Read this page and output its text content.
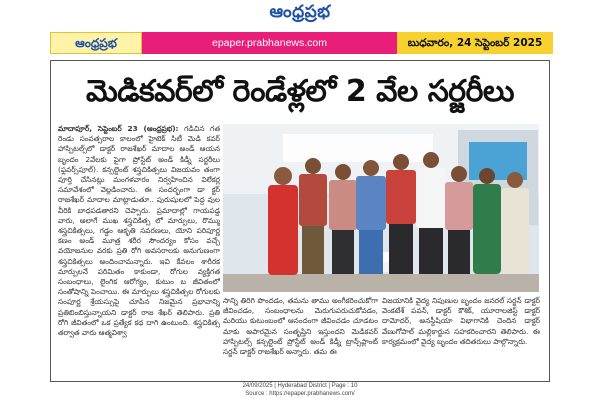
ఆంధ్రప్రభ
ఆంధ్రప్రభ	epaper.prabhanews.com	బుధవారం, 24 సెప్టెంబర్ 2025
మెడికవర్‌లో రెండేళ్లలో 2 వేల సర్జరీలు
మాదాపూర్, సెప్టెంబర్ 23 (ఆంధ్రప్రభ): గడిచిన గత రెండు సంవత్సరాల కాలంలో హైటెక్ సిటీ మెడి కవర్ హాస్పిటల్స్‌లో డాక్టర్ రాజశేఖర్ మాదాల అండ్ ఆయన బృందం 2వేలకు పైగా ప్రోస్టేట్ అండ్ కిడ్నీ సర్జరీలు (ఫ్లవర్స్‌పూల్). కన్సల్టెంట్ శస్త్రచికిత్సలు విజయవం తంగా పూర్తి చేసినట్లు మంగళవారం నిర్వహించిన విలేకర్ల సమావేశంలో వెల్లడించారు. ఈ సందర్భంగా డా క్టర్ రాజశేఖర్ మాదాల మాట్లాడుతూ.. పురుషులలో పెద్ద వుల వీరికి బాధపడతారని చెప్పారు. ప్రమాదాల్లో గాయపడ్డ వారు, అలాగే ముఖ శస్త్రచికిత్స లో మార్పులు, రొమ్ము శస్త్రచికిత్సలు, గడ్డం ఆకృతి సవరణలు, యోని పరిపూర్ణ కణం అండ్ మూత్ర శరీర సౌందర్యం కోసం వచ్చే వయోజనుల వరకు ప్రతి రోగి అవసరాలకు అనుగుణంగా శస్త్రచికిత్సలు అందించామన్నారు. ఇవి కేవలం శారీరక మార్పులనే పరిమితం కాకుండా, రోగుల వ్యక్తిగత సంబంధాలు, లైంగిక ఆరోగ్యం, కుటుం బ జీవితంలో సంతోషాన్ని పెంచాయి. ఈ మార్పులు శస్త్రచికిత్సల రోగులకు సంపూర్ణ శ్రేయస్సుపై చూపిన నిజమైన ప్రభావాన్ని ప్రతిబింబిస్తున్నాయని డాక్టర్ రాజ శేఖర్ తెలిపారు. ప్రతి రోగి జీవితంలో ఒక ప్రత్యేక కథ దాగి ఉంటుంది. శస్త్రచికిత్స తర్వాత వారు ఆత్మవిశ్వా
సాన్ని తిరిగి పొందడం, తమను తాము అంగీకరించుకోగా జీవించడం, సంబంధాలను మెరుగుపరుచుకోవడం, మరియు కుటుంబంలో ఆనందంగా జీవించడం చూడటం మాకు అపారమైన సంతృప్తిని ఇస్తుందని మెడికవర్ హాస్పిటల్స్ కన్సల్టెంట్ ప్రోస్టేట్ అండ్ కిడ్నీ ట్రాన్స్‌ప్లాంట్ సర్జన్ డాక్టర్ రాజశేఖర్ అన్నారు. తమ ఈ
విజయానికి వైద్య నిపుణుల బృందం జనరల్ సర్జన్ డాక్టర్ వెంకటేశ్ పవన్, డాక్టర్ కౌశిక్, యూరాలజిస్ట్ డాక్టర్ దామోదర్, అనస్థీషియా విభాగానికి చెందిన డాక్టర్ వేణుగోపాల్ మల్లికార్జున సహకరించారని తెలిపారు. ఈ కార్యక్రమంలో వైద్య బృందం తదితరులు పాల్గొన్నారు.
24/09/2025 | Hyderabad District | Page : 10
Source : https://epaper.prabhanews.com/
